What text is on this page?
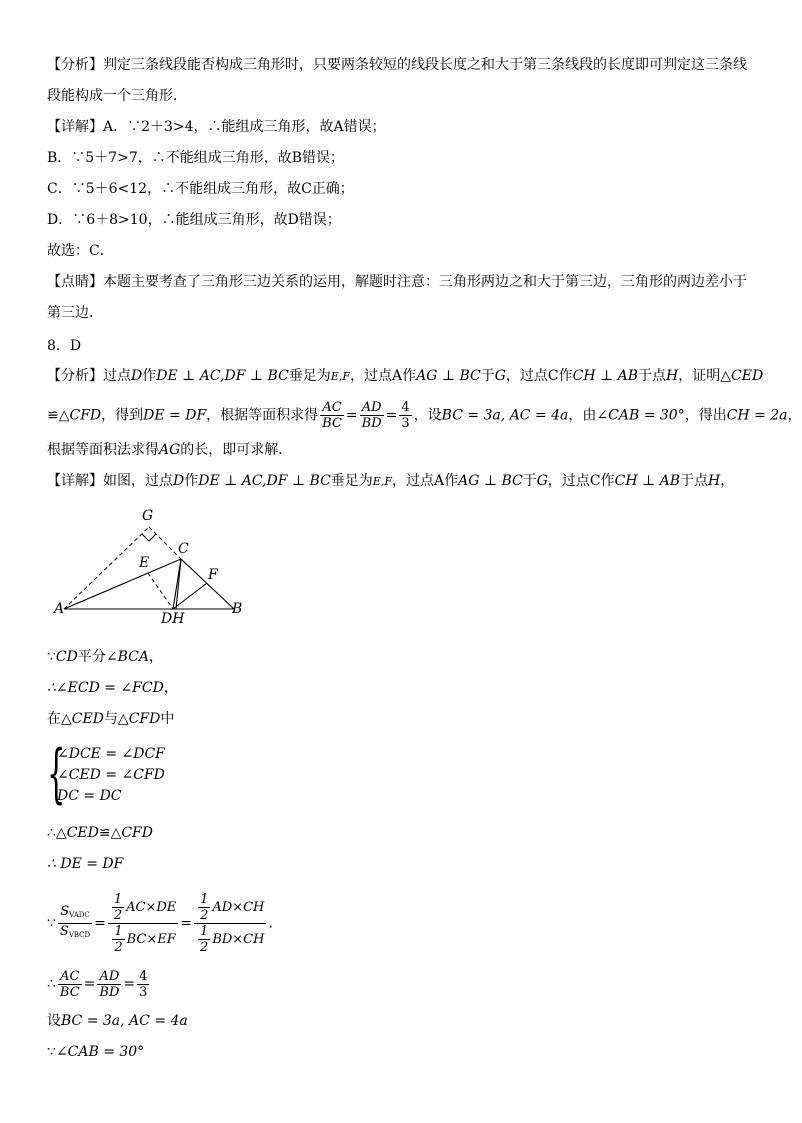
【分析】判定三条线段能否构成三角形时，只要两条较短的线段长度之和大于第三条线段的长度即可判定这三条线
段能构成一个三角形．
【详解】A．∵2＋3>4，∴能组成三角形，故A错误；
B．∵5＋7>7，∴不能组成三角形，故B错误；
C．∵5＋6<12，∴不能组成三角形，故C正确；
D．∵6＋8>10，∴能组成三角形，故D错误；
故选：C．
【点睛】本题主要考查了三角形三边关系的运用，解题时注意：三角形两边之和大于第三边，三角形的两边差小于
第三边．
8．D
【分析】过点D作DE ⊥ AC,DF ⊥ BC垂足为E,F，过点A作AG ⊥ BC于G，过点C作CH ⊥ AB于点H，证明△CED
≌△CFD，得到DE = DF，根据等面积求得 $\frac{AC}{BC} = \frac{AD}{BD} = \frac{4}{3}$ ，设BC = 3a, AC = 4a，由∠CAB = 30°，得出CH = 2a，
根据等面积法求得AG的长，即可求解．
【详解】如图，过点D作DE ⊥ AC,DF ⊥ BC垂足为E,F，过点A作AG ⊥ BC于G，过点C作CH ⊥ AB于点H，
G
C
E
F
A
DH
B
∵CD平分∠BCA，
∴∠ECD = ∠FCD，
在△CED与△CFD中
{
∠DCE = ∠DCF
∠CED = ∠CFD
DC = DC
∴△CED≌△CFD
∴ DE = DF
∵ $\frac{S_{VADC}}{S_{VBCD}} = \frac{\frac{1}{2} AC\times DE}{\frac{1}{2} BC\times EF} = \frac{\frac{1}{2} AD\times CH}{\frac{1}{2} BD\times CH}$ .
∴ $\frac{AC}{BC} = \frac{AD}{BD} = \frac{4}{3}$
设BC = 3a, AC = 4a
∵∠CAB = 30°
